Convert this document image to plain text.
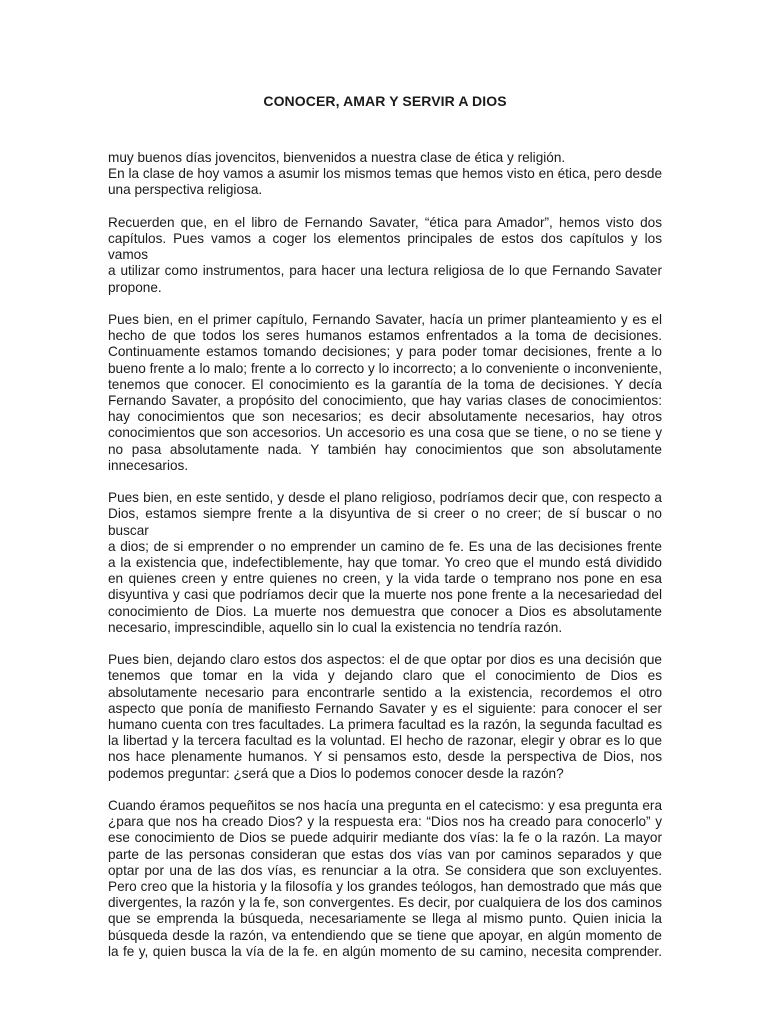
CONOCER, AMAR Y SERVIR A DIOS

muy buenos días jovencitos, bienvenidos a nuestra clase de ética y religión.

En la clase de hoy vamos a asumir los mismos temas que hemos visto en ética, pero desde

una perspectiva religiosa.

Recuerden que, en el libro de Fernando Savater, “ética para Amador”, hemos visto dos

capítulos. Pues vamos a coger los elementos principales de estos dos capítulos y los vamos

a utilizar como instrumentos, para hacer una lectura religiosa de lo que Fernando Savater

propone.

Pues bien, en el primer capítulo, Fernando Savater, hacía un primer planteamiento y es el

hecho de que todos los seres humanos estamos enfrentados a la toma de decisiones.

Continuamente estamos tomando decisiones; y para poder tomar decisiones, frente a lo

bueno frente a lo malo; frente a lo correcto y lo incorrecto; a lo conveniente o inconveniente,

tenemos que conocer. El conocimiento es la garantía de la toma de decisiones. Y decía

Fernando Savater, a propósito del conocimiento, que hay varias clases de conocimientos:

hay conocimientos que son necesarios; es decir absolutamente necesarios, hay otros

conocimientos que son accesorios. Un accesorio es una cosa que se tiene, o no se tiene y

no pasa absolutamente nada. Y también hay conocimientos que son absolutamente

innecesarios.

Pues bien, en este sentido, y desde el plano religioso, podríamos decir que, con respecto a

Dios, estamos siempre frente a la disyuntiva de si creer o no creer; de sí buscar o no buscar

a dios; de si emprender o no emprender un camino de fe. Es una de las decisiones frente

a la existencia que, indefectiblemente, hay que tomar. Yo creo que el mundo está dividido

en quienes creen y entre quienes no creen, y la vida tarde o temprano nos pone en esa

disyuntiva y casi que podríamos decir que la muerte nos pone frente a la necesariedad del

conocimiento de Dios. La muerte nos demuestra que conocer a Dios es absolutamente

necesario, imprescindible, aquello sin lo cual la existencia no tendría razón.

Pues bien, dejando claro estos dos aspectos: el de que optar por dios es una decisión que

tenemos que tomar en la vida y dejando claro que el conocimiento de Dios es

absolutamente necesario para encontrarle sentido a la existencia, recordemos el otro

aspecto que ponía de manifiesto Fernando Savater y es el siguiente: para conocer el ser

humano cuenta con tres facultades. La primera facultad es la razón, la segunda facultad es

la libertad y la tercera facultad es la voluntad. El hecho de razonar, elegir y obrar es lo que

nos hace plenamente humanos. Y si pensamos esto, desde la perspectiva de Dios, nos

podemos preguntar: ¿será que a Dios lo podemos conocer desde la razón?

Cuando éramos pequeñitos se nos hacía una pregunta en el catecismo: y esa pregunta era

¿para que nos ha creado Dios? y la respuesta era: “Dios nos ha creado para conocerlo” y

ese conocimiento de Dios se puede adquirir mediante dos vías: la fe o la razón. La mayor

parte de las personas consideran que estas dos vías van por caminos separados y que

optar por una de las dos vías, es renunciar a la otra. Se considera que son excluyentes.

Pero creo que la historia y la filosofía y los grandes teólogos, han demostrado que más que

divergentes, la razón y la fe, son convergentes. Es decir, por cualquiera de los dos caminos

que se emprenda la búsqueda, necesariamente se llega al mismo punto. Quien inicia la

búsqueda desde la razón, va entendiendo que se tiene que apoyar, en algún momento de

la fe y, quien busca la vía de la fe. en algún momento de su camino, necesita comprender.
